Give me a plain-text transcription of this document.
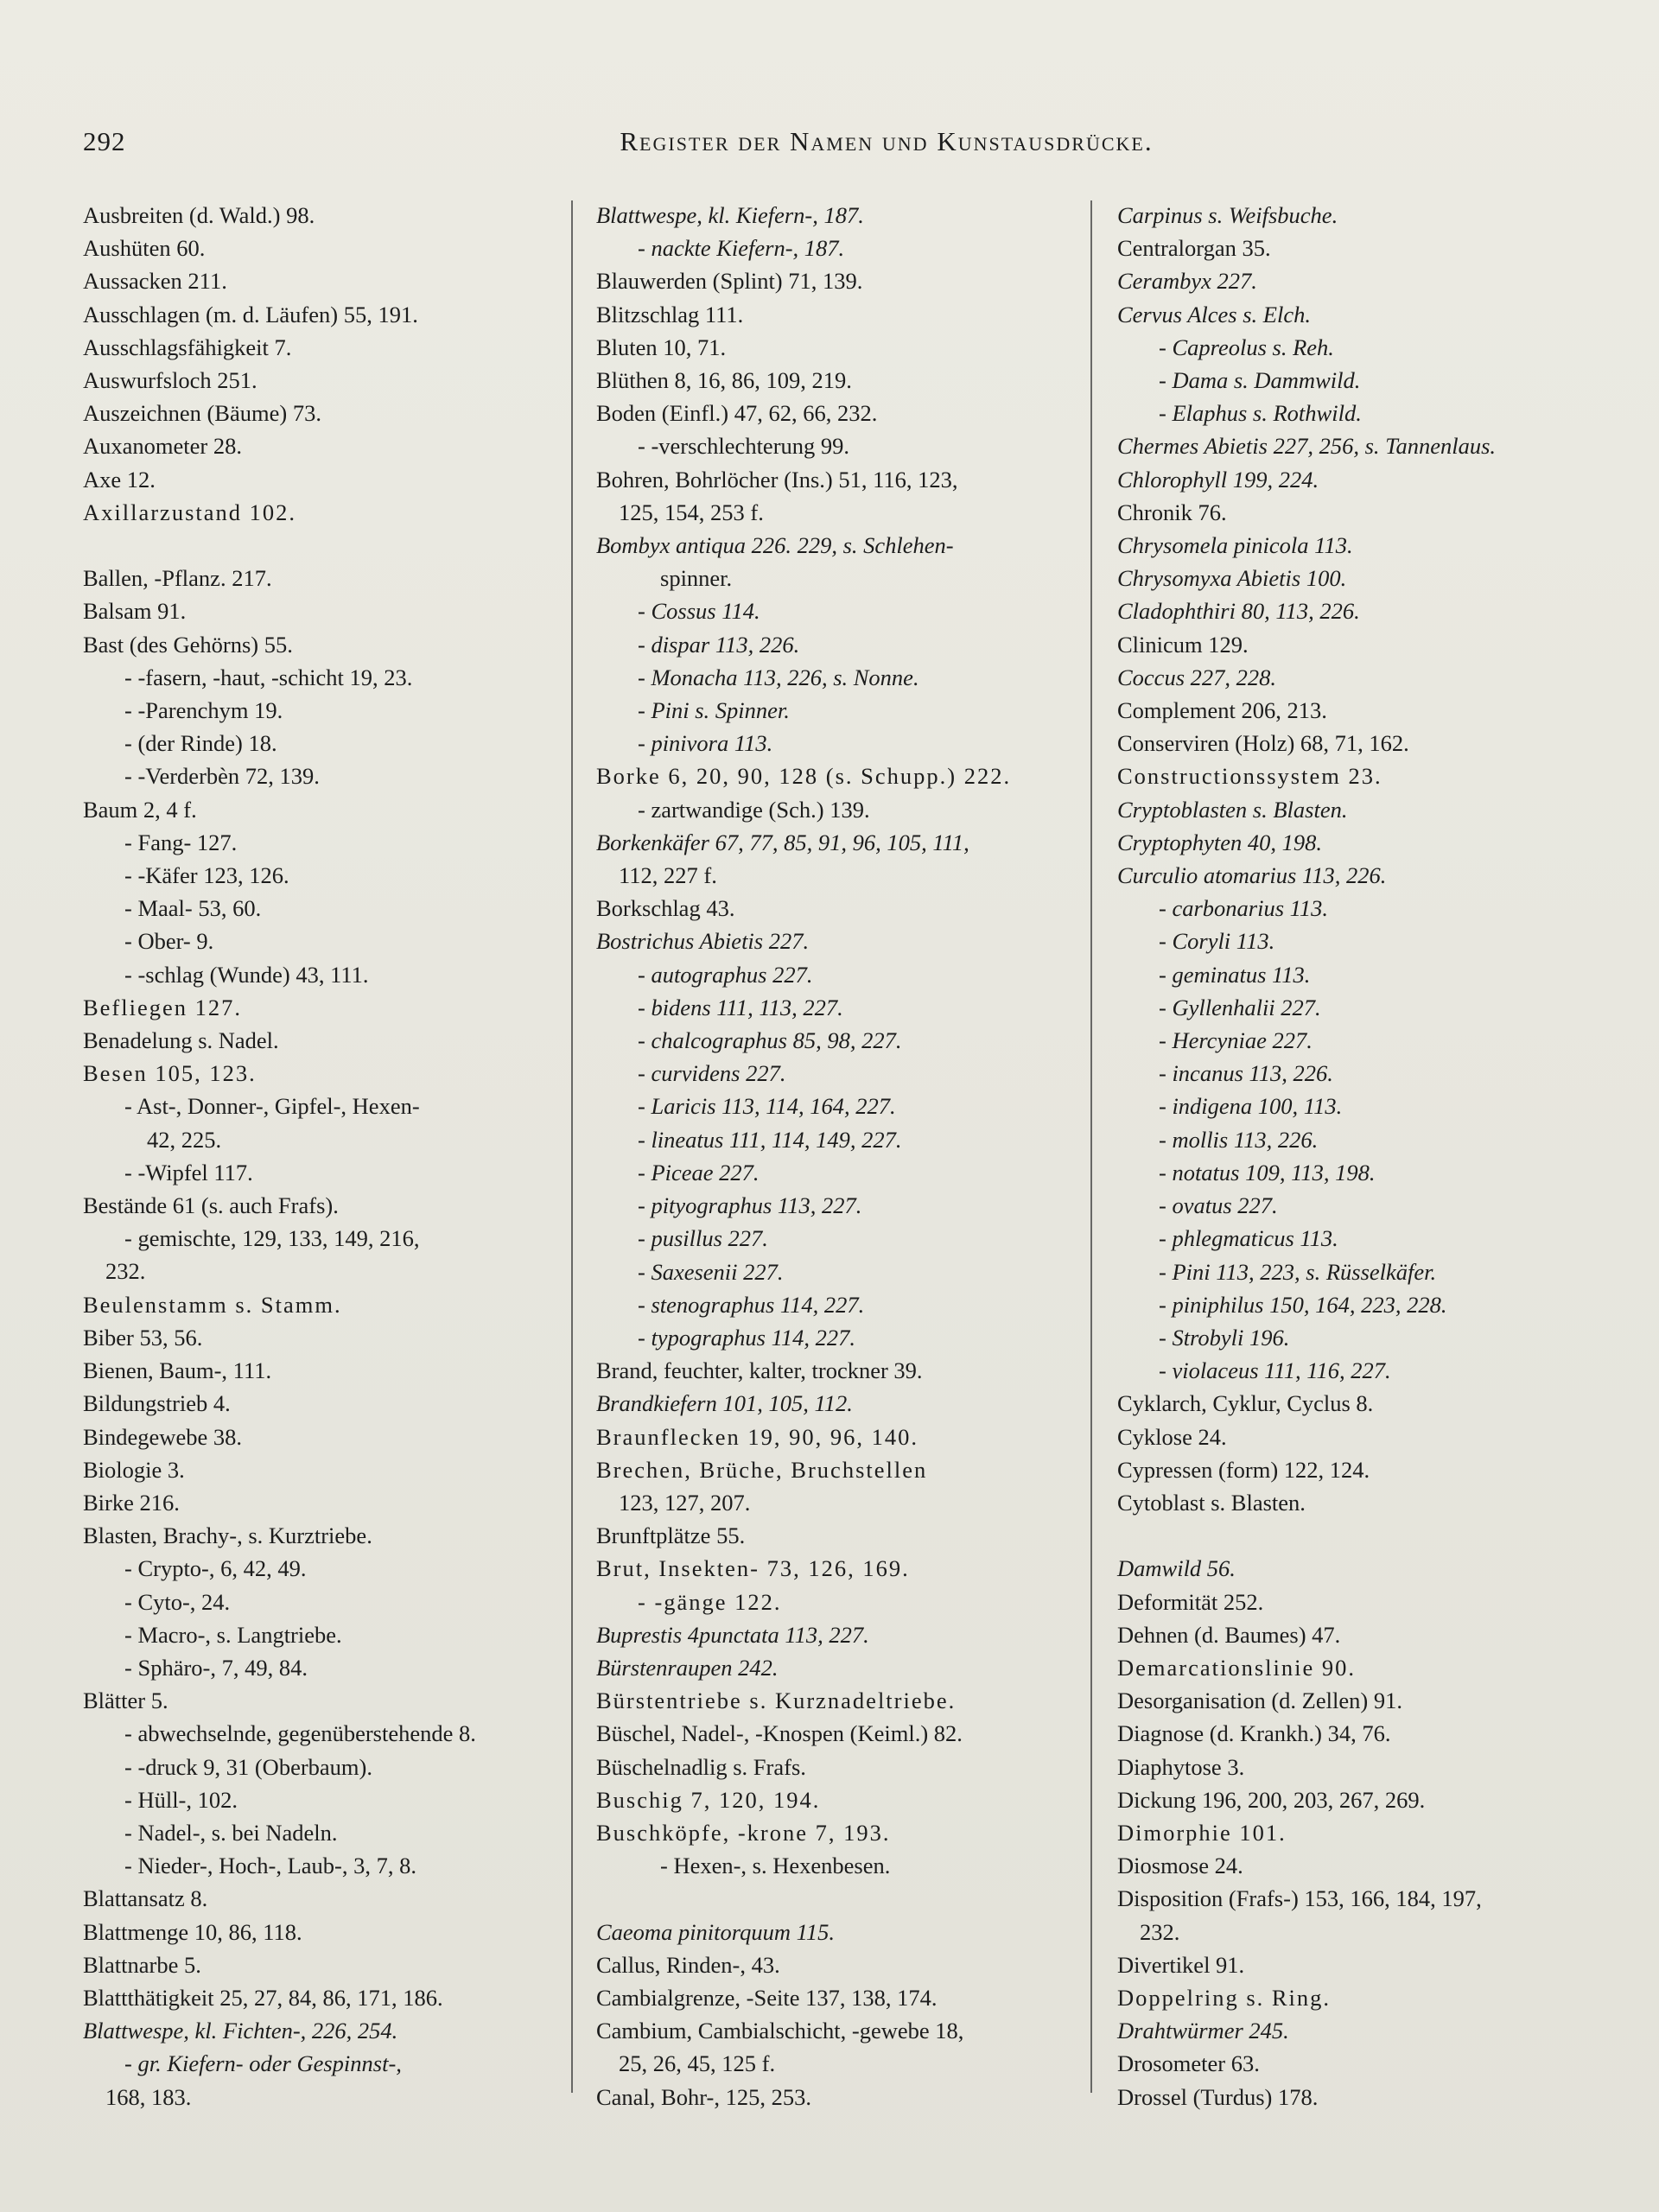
292	Register der Namen und Kunstausdrücke.
Ausbreiten (d. Wald.) 98.
Aushüten 60.
Aussacken 211.
Ausschlagen (m. d. Läufen) 55, 191.
Ausschlagsfähigkeit 7.
Auswurfsloch 251.
Auszeichnen (Bäume) 73.
Auxanometer 28.
Axe 12.
Axillarzustand 102.
Ballen, -Pflanz. 217.
Balsam 91.
Bast (des Gehörns) 55.
- -fasern, -haut, -schicht 19, 23.
- -Parenchym 19.
- (der Rinde) 18.
- -Verderbèn 72, 139.
Baum 2, 4 f.
- Fang- 127.
- -Käfer 123, 126.
- Maal- 53, 60.
- Ober- 9.
- -schlag (Wunde) 43, 111.
Befliegen 127.
Benadelung s. Nadel.
Besen 105, 123.
- Ast-, Donner-, Gipfel-, Hexen-
42, 225.
- -Wipfel 117.
Bestände 61 (s. auch Frafs).
- gemischte, 129, 133, 149, 216,
232.
Beulenstamm s. Stamm.
Biber 53, 56.
Bienen, Baum-, 111.
Bildungstrieb 4.
Bindegewebe 38.
Biologie 3.
Birke 216.
Blasten, Brachy-, s. Kurztriebe.
- Crypto-, 6, 42, 49.
- Cyto-, 24.
- Macro-, s. Langtriebe.
- Sphäro-, 7, 49, 84.
Blätter 5.
- abwechselnde, gegenüberstehende 8.
- -druck 9, 31 (Oberbaum).
- Hüll-, 102.
- Nadel-, s. bei Nadeln.
- Nieder-, Hoch-, Laub-, 3, 7, 8.
Blattansatz 8.
Blattmenge 10, 86, 118.
Blattnarbe 5.
Blattthätigkeit 25, 27, 84, 86, 171, 186.
Blattwespe, kl. Fichten-, 226, 254.
- gr. Kiefern- oder Gespinnst-,
168, 183.
Blattwespe, kl. Kiefern-, 187.
- nackte Kiefern-, 187.
Blauwerden (Splint) 71, 139.
Blitzschlag 111.
Bluten 10, 71.
Blüthen 8, 16, 86, 109, 219.
Boden (Einfl.) 47, 62, 66, 232.
- -verschlechterung 99.
Bohren, Bohrlöcher (Ins.) 51, 116, 123,
125, 154, 253 f.
Bombyx antiqua 226. 229, s. Schlehen-
spinner.
- Cossus 114.
- dispar 113, 226.
- Monacha 113, 226, s. Nonne.
- Pini s. Spinner.
- pinivora 113.
Borke 6, 20, 90, 128 (s. Schupp.) 222.
- zartwandige (Sch.) 139.
Borkenkäfer 67, 77, 85, 91, 96, 105, 111,
112, 227 f.
Borkschlag 43.
Bostrichus Abietis 227.
- autographus 227.
- bidens 111, 113, 227.
- chalcographus 85, 98, 227.
- curvidens 227.
- Laricis 113, 114, 164, 227.
- lineatus 111, 114, 149, 227.
- Piceae 227.
- pityographus 113, 227.
- pusillus 227.
- Saxesenii 227.
- stenographus 114, 227.
- typographus 114, 227.
Brand, feuchter, kalter, trockner 39.
Brandkiefern 101, 105, 112.
Braunflecken 19, 90, 96, 140.
Brechen, Brüche, Bruchstellen
123, 127, 207.
Brunftplätze 55.
Brut, Insekten- 73, 126, 169.
- -gänge 122.
Buprestis 4punctata 113, 227.
Bürstenraupen 242.
Bürstentriebe s. Kurznadeltriebe.
Büschel, Nadel-, -Knospen (Keiml.) 82.
Büschelnadlig s. Frafs.
Buschig 7, 120, 194.
Buschköpfe, -krone 7, 193.
- Hexen-, s. Hexenbesen.
Caeoma pinitorquum 115.
Callus, Rinden-, 43.
Cambialgrenze, -Seite 137, 138, 174.
Cambium, Cambialschicht, -gewebe 18,
25, 26, 45, 125 f.
Canal, Bohr-, 125, 253.
Carpinus s. Weifsbuche.
Centralorgan 35.
Cerambyx 227.
Cervus Alces s. Elch.
- Capreolus s. Reh.
- Dama s. Dammwild.
- Elaphus s. Rothwild.
Chermes Abietis 227, 256, s. Tannenlaus.
Chlorophyll 199, 224.
Chronik 76.
Chrysomela pinicola 113.
Chrysomyxa Abietis 100.
Cladophthiri 80, 113, 226.
Clinicum 129.
Coccus 227, 228.
Complement 206, 213.
Conserviren (Holz) 68, 71, 162.
Constructionssystem 23.
Cryptoblasten s. Blasten.
Cryptophyten 40, 198.
Curculio atomarius 113, 226.
- carbonarius 113.
- Coryli 113.
- geminatus 113.
- Gyllenhalii 227.
- Hercyniae 227.
- incanus 113, 226.
- indigena 100, 113.
- mollis 113, 226.
- notatus 109, 113, 198.
- ovatus 227.
- phlegmaticus 113.
- Pini 113, 223, s. Rüsselkäfer.
- piniphilus 150, 164, 223, 228.
- Strobyli 196.
- violaceus 111, 116, 227.
Cyklarch, Cyklur, Cyclus 8.
Cyklose 24.
Cypressen (form) 122, 124.
Cytoblast s. Blasten.
Damwild 56.
Deformität 252.
Dehnen (d. Baumes) 47.
Demarcationslinie 90.
Desorganisation (d. Zellen) 91.
Diagnose (d. Krankh.) 34, 76.
Diaphytose 3.
Dickung 196, 200, 203, 267, 269.
Dimorphie 101.
Diosmose 24.
Disposition (Frafs-) 153, 166, 184, 197,
232.
Divertikel 91.
Doppelring s. Ring.
Drahtwürmer 245.
Drosometer 63.
Drossel (Turdus) 178.
